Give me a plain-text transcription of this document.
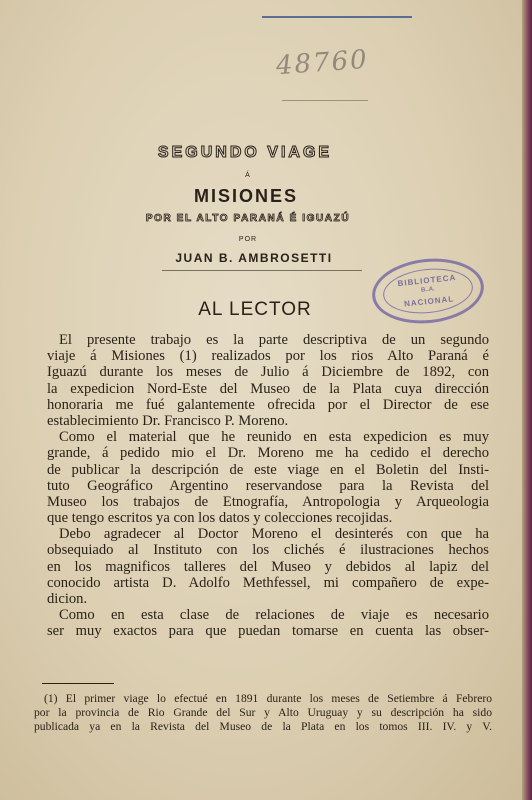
48760
SEGUNDO VIAGE
Á
MISIONES
POR EL ALTO PARANÁ É IGUAZÚ
POR
JUAN B. AMBROSETTI
BIBLIOTECA
B..A.
NACIONAL
AL LECTOR
El presente trabajo es la parte descriptiva de un segundo
viaje á Misiones (1) realizados por los rios Alto Paraná é
Iguazú durante los meses de Julio á Diciembre de 1892, con
la expedicion Nord-Este del Museo de la Plata cuya dirección
honoraria me fué galantemente ofrecida por el Director de ese
establecimiento Dr. Francisco P. Moreno.
Como el material que he reunido en esta expedicion es muy
grande, á pedido mio el Dr. Moreno me ha cedido el derecho
de publicar la descripción de este viage en el Boletin del Insti-
tuto Geográfico Argentino reservandose para la Revista del
Museo los trabajos de Etnografía, Antropologia y Arqueologia
que tengo escritos ya con los datos y colecciones recojidas.
Debo agradecer al Doctor Moreno el desinterés con que ha
obsequiado al Instituto con los clichés é ilustraciones hechos
en los magnificos talleres del Museo y debidos al lapiz del
conocido artista D. Adolfo Methfessel, mi compañero de expe-
dicion.
Como en esta clase de relaciones de viaje es necesario
ser muy exactos para que puedan tomarse en cuenta las obser-
(1) El primer viage lo efectué en 1891 durante los meses de Setiembre á Febrero
por la provincia de Rio Grande del Sur y Alto Uruguay y su descripción ha sido
publicada ya en la Revista del Museo de la Plata en los tomos III. IV. y V.
